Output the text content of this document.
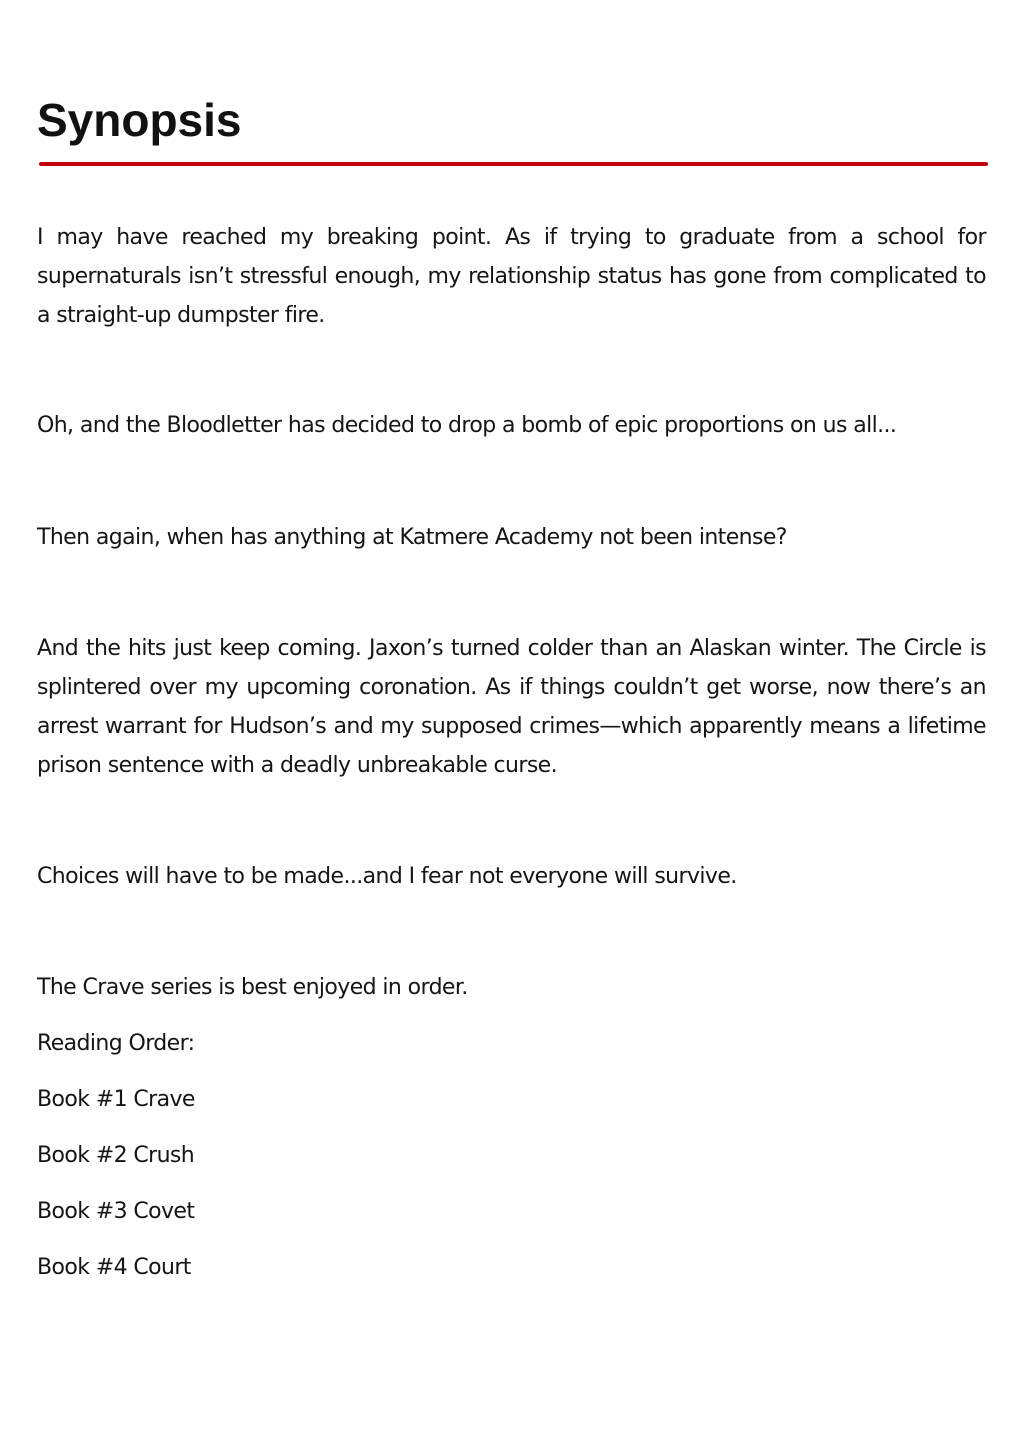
Synopsis

I may have reached my breaking point. As if trying to graduate from a school for supernaturals isn’t stressful enough, my relationship status has gone from complicated to a straight-up dumpster fire.

Oh, and the Bloodletter has decided to drop a bomb of epic proportions on us all...

Then again, when has anything at Katmere Academy not been intense?

And the hits just keep coming. Jaxon’s turned colder than an Alaskan winter. The Circle is splintered over my upcoming coronation. As if things couldn’t get worse, now there’s an arrest warrant for Hudson’s and my supposed crimes—which apparently means a lifetime prison sentence with a deadly unbreakable curse.

Choices will have to be made...and I fear not everyone will survive.

The Crave series is best enjoyed in order.

Reading Order:

Book #1 Crave

Book #2 Crush

Book #3 Covet

Book #4 Court
